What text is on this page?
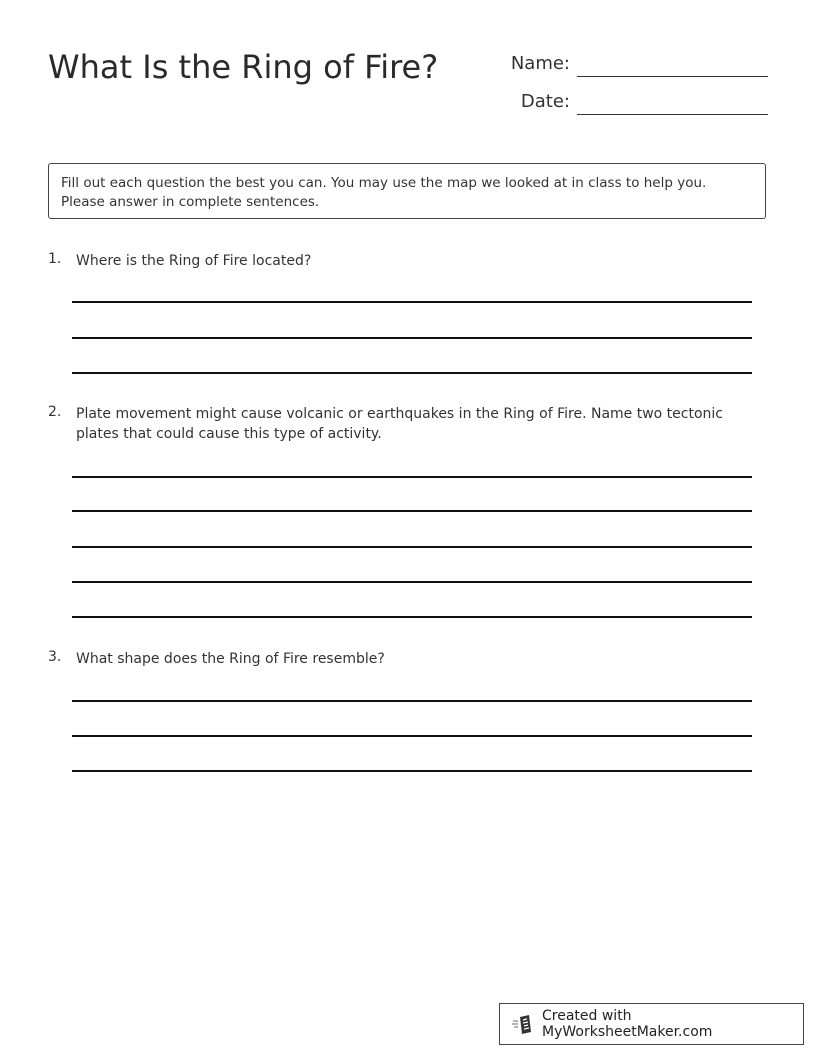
What Is the Ring of Fire?	Name:
Date:
Fill out each question the best you can. You may use the map we looked at in class to help you.
Please answer in complete sentences.
1. Where is the Ring of Fire located?
2. Plate movement might cause volcanic or earthquakes in the Ring of Fire. Name two tectonic plates that could cause this type of activity.
3. What shape does the Ring of Fire resemble?
Created with MyWorksheetMaker.com
